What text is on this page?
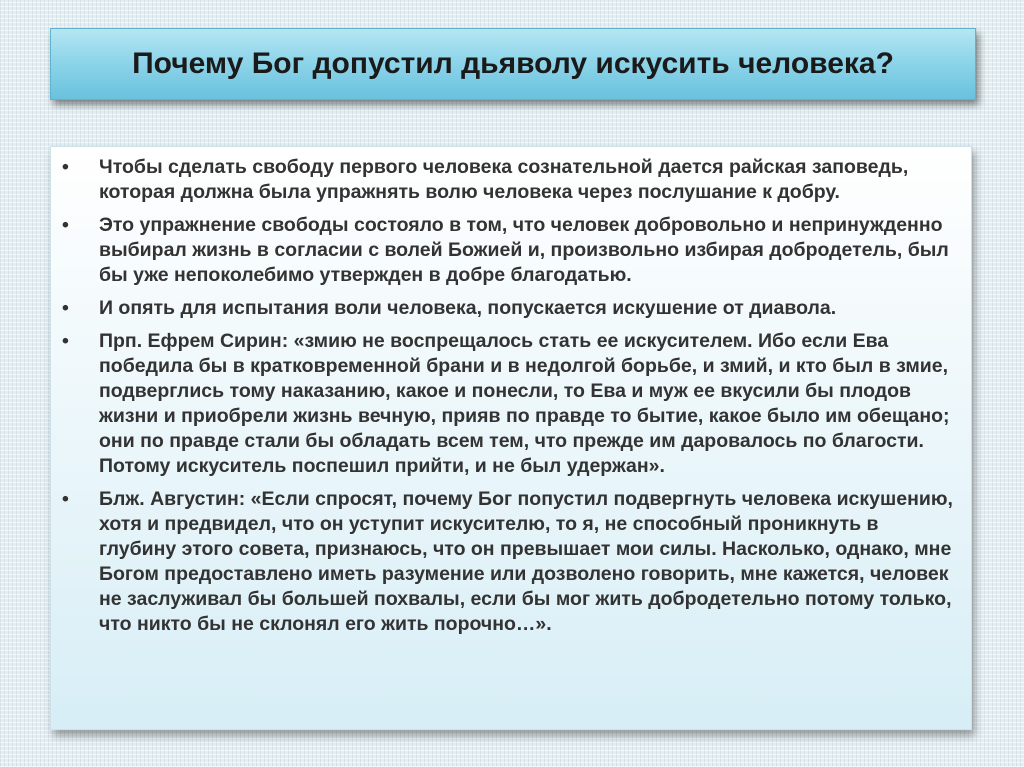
Почему Бог допустил дьяволу искусить человека?
• Чтобы сделать свободу первого человека сознательной дается райская заповедь, которая должна была упражнять волю человека через послушание к добру.
• Это упражнение свободы состояло в том, что человек добровольно и непринужденно выбирал жизнь в согласии с волей Божией и, произвольно избирая добродетель, был бы уже непоколебимо утвержден в добре благодатью.
• И опять для испытания воли человека, попускается искушение от диавола.
• Прп. Ефрем Сирин: «змию не воспрещалось стать ее искусителем. Ибо если Ева победила бы в кратковременной брани и в недолгой борьбе, и змий, и кто был в змие, подверглись тому наказанию, какое и понесли, то Ева и муж ее вкусили бы плодов жизни и приобрели жизнь вечную, прияв по правде то бытие, какое было им обещано; они по правде стали бы обладать всем тем, что прежде им даровалось по благости. Потому искуситель поспешил прийти, и не был удержан».
• Блж. Августин: «Если спросят, почему Бог попустил подвергнуть человека искушению, хотя и предвидел, что он уступит искусителю, то я, не способный проникнуть в глубину этого совета, признаюсь, что он превышает мои силы. Насколько, однако, мне Богом предоставлено иметь разумение или дозволено говорить, мне кажется, человек не заслуживал бы большей похвалы, если бы мог жить добродетельно потому только, что никто бы не склонял его жить порочно…».
